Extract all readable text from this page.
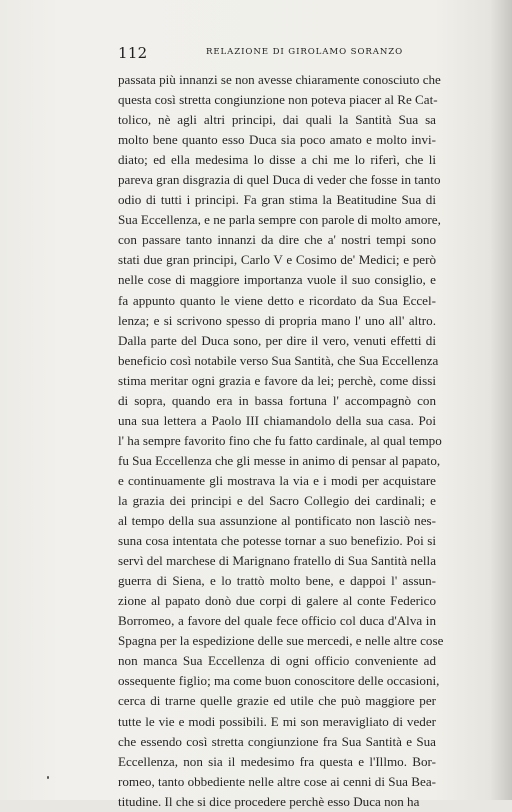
112	RELAZIONE DI GIROLAMO SORANZO
passata più innanzi se non avesse chiaramente conosciuto che
questa così stretta congiunzione non poteva piacer al Re Cat-
tolico, nè agli altri principi, dai quali la Santità Sua sa
molto bene quanto esso Duca sia poco amato e molto invi-
diato; ed ella medesima lo disse a chi me lo riferì, che li
pareva gran disgrazia di quel Duca di veder che fosse in tanto
odio di tutti i principi. Fa gran stima la Beatitudine Sua di
Sua Eccellenza, e ne parla sempre con parole di molto amore,
con passare tanto innanzi da dire che a' nostri tempi sono
stati due gran principi, Carlo V e Cosimo de' Medici; e però
nelle cose di maggiore importanza vuole il suo consiglio, e
fa appunto quanto le viene detto e ricordato da Sua Eccel-
lenza; e si scrivono spesso di propria mano l' uno all' altro.
Dalla parte del Duca sono, per dire il vero, venuti effetti di
beneficio così notabile verso Sua Santità, che Sua Eccellenza
stima meritar ogni grazia e favore da lei; perchè, come dissi
di sopra, quando era in bassa fortuna l' accompagnò con
una sua lettera a Paolo III chiamandolo della sua casa. Poi
l' ha sempre favorito fino che fu fatto cardinale, al qual tempo
fu Sua Eccellenza che gli messe in animo di pensar al papato,
e continuamente gli mostrava la via e i modi per acquistare
la grazia dei principi e del Sacro Collegio dei cardinali; e
al tempo della sua assunzione al pontificato non lasciò nes-
suna cosa intentata che potesse tornar a suo benefizio. Poi si
servì del marchese di Marignano fratello di Sua Santità nella
guerra di Siena, e lo trattò molto bene, e dappoi l' assun-
zione al papato donò due corpi di galere al conte Federico
Borromeo, a favore del quale fece officio col duca d'Alva in
Spagna per la espedizione delle sue mercedi, e nelle altre cose
non manca Sua Eccellenza di ogni officio conveniente ad
ossequente figlio; ma come buon conoscitore delle occasioni,
cerca di trarne quelle grazie ed utile che può maggiore per
tutte le vie e modi possibili. E mi son meravigliato di veder
che essendo così stretta congiunzione fra Sua Santità e Sua
Eccellenza, non sia il medesimo fra questa e l'Illmo. Bor-
romeo, tanto obbediente nelle altre cose ai cenni di Sua Bea-
titudine. Il che si dice procedere perchè esso Duca non ha
